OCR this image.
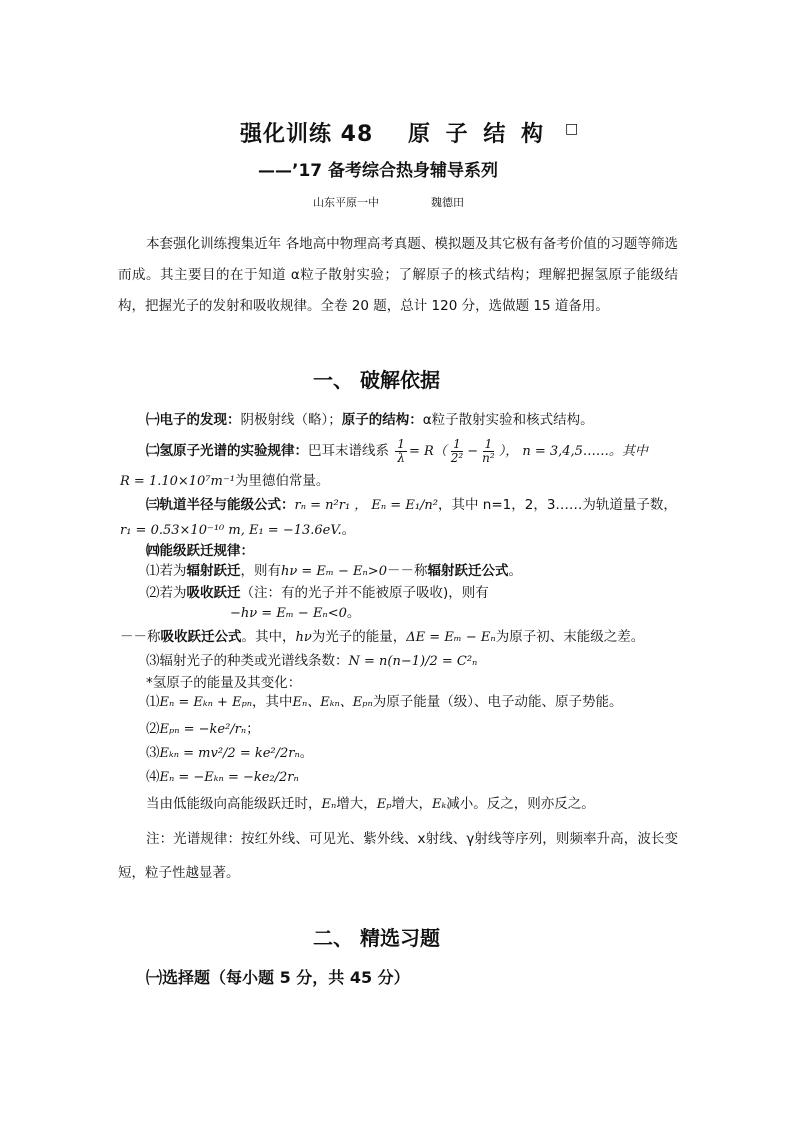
强化训练 48 原 子 结 构 □
——’17 备考综合热身辅导系列
山东平原一中	魏德田
本套强化训练搜集近年 各地高中物理高考真题、模拟题及其它极有备考价值的习题等筛选而成。其主要目的在于知道 α粒子散射实验；了解原子的核式结构；理解把握氢原子能级结构，把握光子的发射和吸收规律。全卷 20 题，总计 120 分，选做题 15 道备用。
一、 破解依据
㈠电子的发现：阴极射线（略）；原子的结构：α粒子散射实验和核式结构。
㈡氢原子光谱的实验规律：巴耳末谱线系 $\frac{1}{\lambda} = R( \frac{1}{\text{2²}} - \frac{1}{\text{n²}}$ ）， n = 3,4,5……。其中
R = 1.10×10⁷m⁻¹为里德伯常量。
㈢轨道半径与能级公式：rₙ = n²r₁ ， Eₙ = E₁/n²，其中 n=1，2，3……为轨道量子数，
r₁ = 0.53×10⁻¹⁰ m, E₁ = −13.6eV.。
㈣能级跃迁规律：
⑴若为辐射跃迁，则有hν = Eₘ − Eₙ>0－－称辐射跃迁公式。
⑵若为吸收跃迁（注：有的光子并不能被原子吸收)，则有
−hν = Eₘ − Eₙ<0。
－－称吸收跃迁公式。其中，hν为光子的能量，ΔE = Eₘ − Eₙ为原子初、末能级之差。
⑶辐射光子的种类或光谱线条数：N = n(n−1)/2 = C²ₙ
*氢原子的能量及其变化：
⑴Eₙ = Eₖₙ + Eₚₙ，其中Eₙ、Eₖₙ、Eₚₙ为原子能量（级）、电子动能、原子势能。
⑵Eₚₙ = −ke²/rₙ；
⑶Eₖₙ = mv²/2 = ke²/2rₙ。
⑷Eₙ = −Eₖₙ = −ke₂/2rₙ
当由低能级向高能级跃迁时，Eₙ增大，Eₚ增大，Eₖ减小。反之，则亦反之。
注：光谱规律：按红外线、可见光、紫外线、x射线、γ射线等序列，则频率升高，波长变短，粒子性越显著。
二、 精选习题
㈠选择题（每小题 5 分，共 45 分）
